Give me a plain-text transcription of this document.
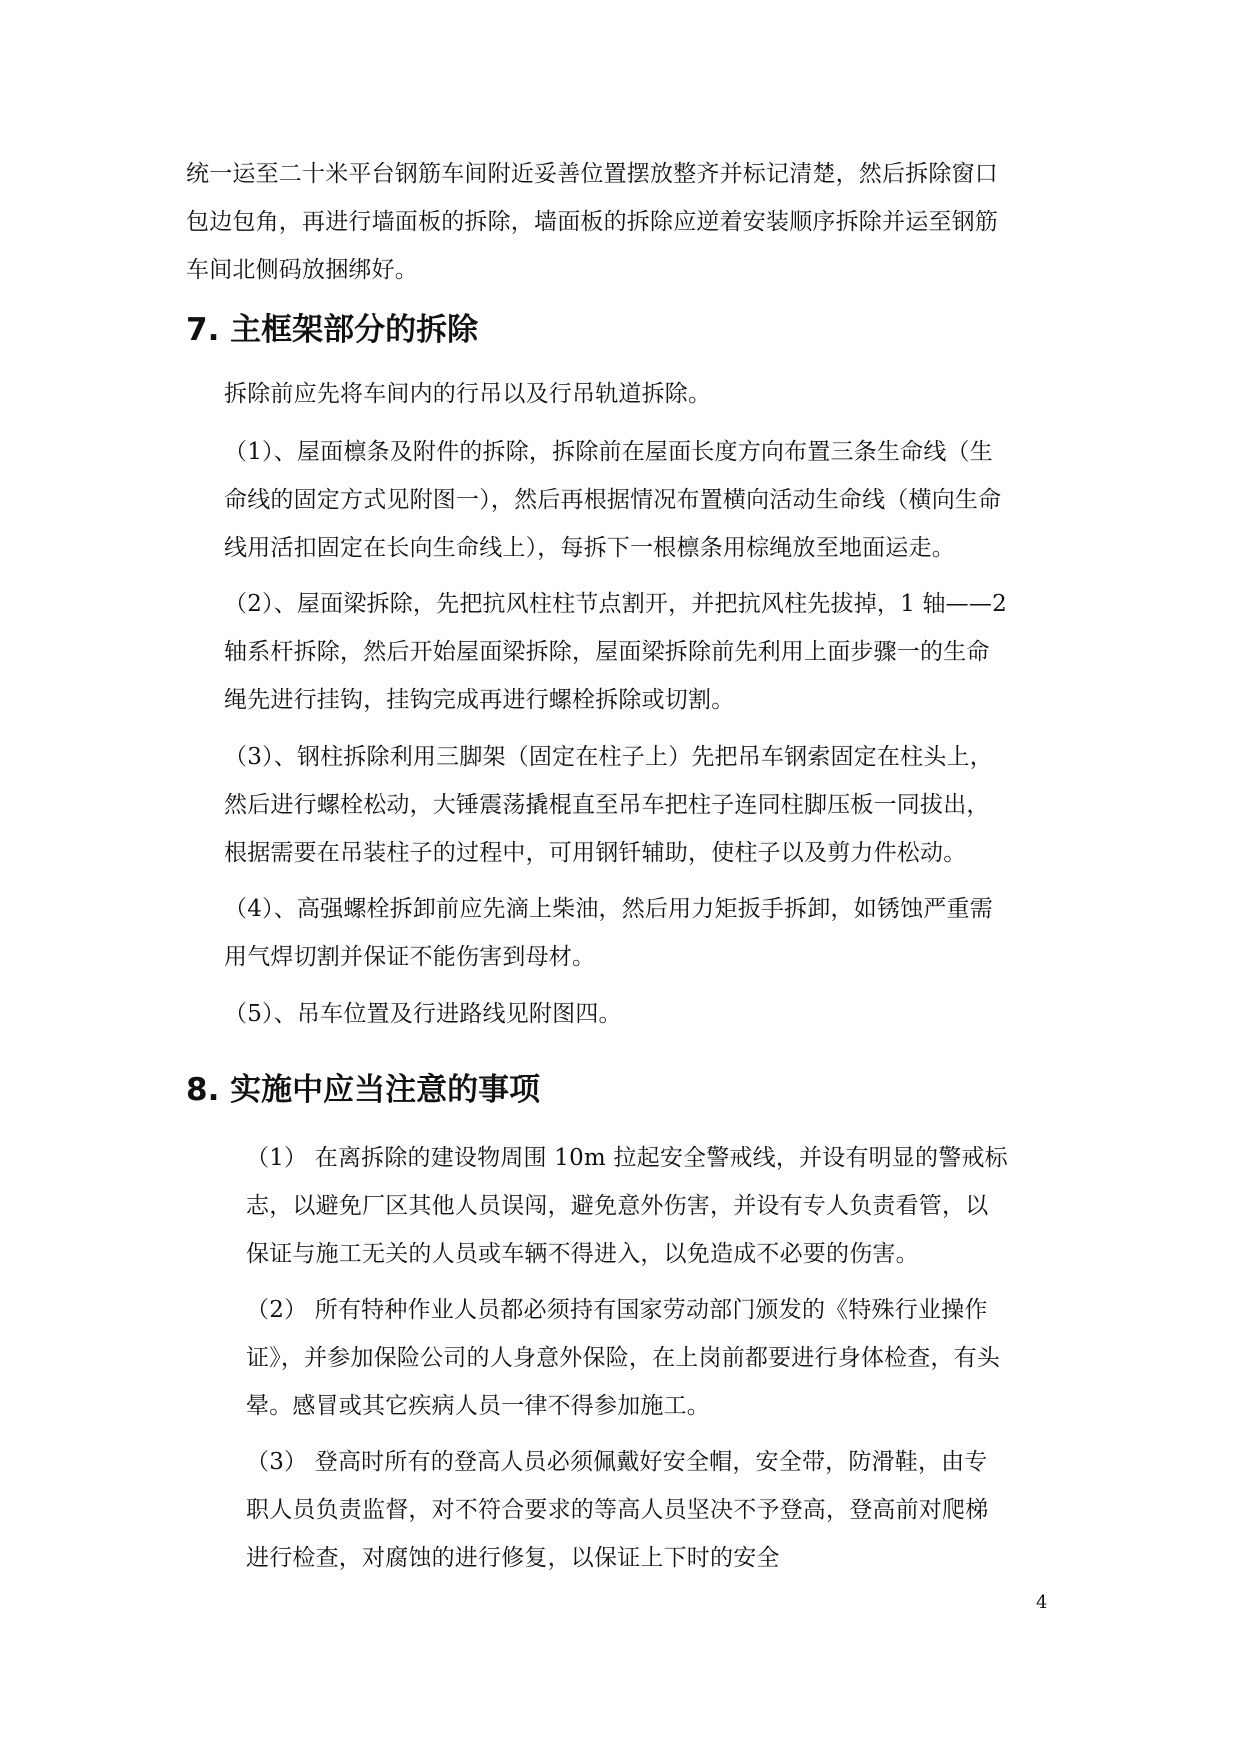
统一运至二十米平台钢筋车间附近妥善位置摆放整齐并标记清楚，然后拆除窗口
包边包角，再进行墙面板的拆除，墙面板的拆除应逆着安装顺序拆除并运至钢筋
车间北侧码放捆绑好。
7. 主框架部分的拆除
拆除前应先将车间内的行吊以及行吊轨道拆除。
（1）、屋面檩条及附件的拆除，拆除前在屋面长度方向布置三条生命线（生
命线的固定方式见附图一），然后再根据情况布置横向活动生命线（横向生命
线用活扣固定在长向生命线上），每拆下一根檩条用棕绳放至地面运走。
（2）、屋面梁拆除，先把抗风柱柱节点割开，并把抗风柱先拔掉，1 轴——2
轴系杆拆除，然后开始屋面梁拆除，屋面梁拆除前先利用上面步骤一的生命
绳先进行挂钩，挂钩完成再进行螺栓拆除或切割。
（3）、钢柱拆除利用三脚架（固定在柱子上）先把吊车钢索固定在柱头上，
然后进行螺栓松动，大锤震荡撬棍直至吊车把柱子连同柱脚压板一同拔出，
根据需要在吊装柱子的过程中，可用钢钎辅助，使柱子以及剪力件松动。
（4）、高强螺栓拆卸前应先滴上柴油，然后用力矩扳手拆卸，如锈蚀严重需
用气焊切割并保证不能伤害到母材。
（5）、吊车位置及行进路线见附图四。
8. 实施中应当注意的事项
（1） 在离拆除的建设物周围 10m 拉起安全警戒线，并设有明显的警戒标
志，以避免厂区其他人员误闯，避免意外伤害，并设有专人负责看管，以
保证与施工无关的人员或车辆不得进入，以免造成不必要的伤害。
（2） 所有特种作业人员都必须持有国家劳动部门颁发的《特殊行业操作
证》，并参加保险公司的人身意外保险，在上岗前都要进行身体检查，有头
晕。感冒或其它疾病人员一律不得参加施工。
（3） 登高时所有的登高人员必须佩戴好安全帽，安全带，防滑鞋，由专
职人员负责监督，对不符合要求的等高人员坚决不予登高，登高前对爬梯
进行检查，对腐蚀的进行修复，以保证上下时的安全
4
